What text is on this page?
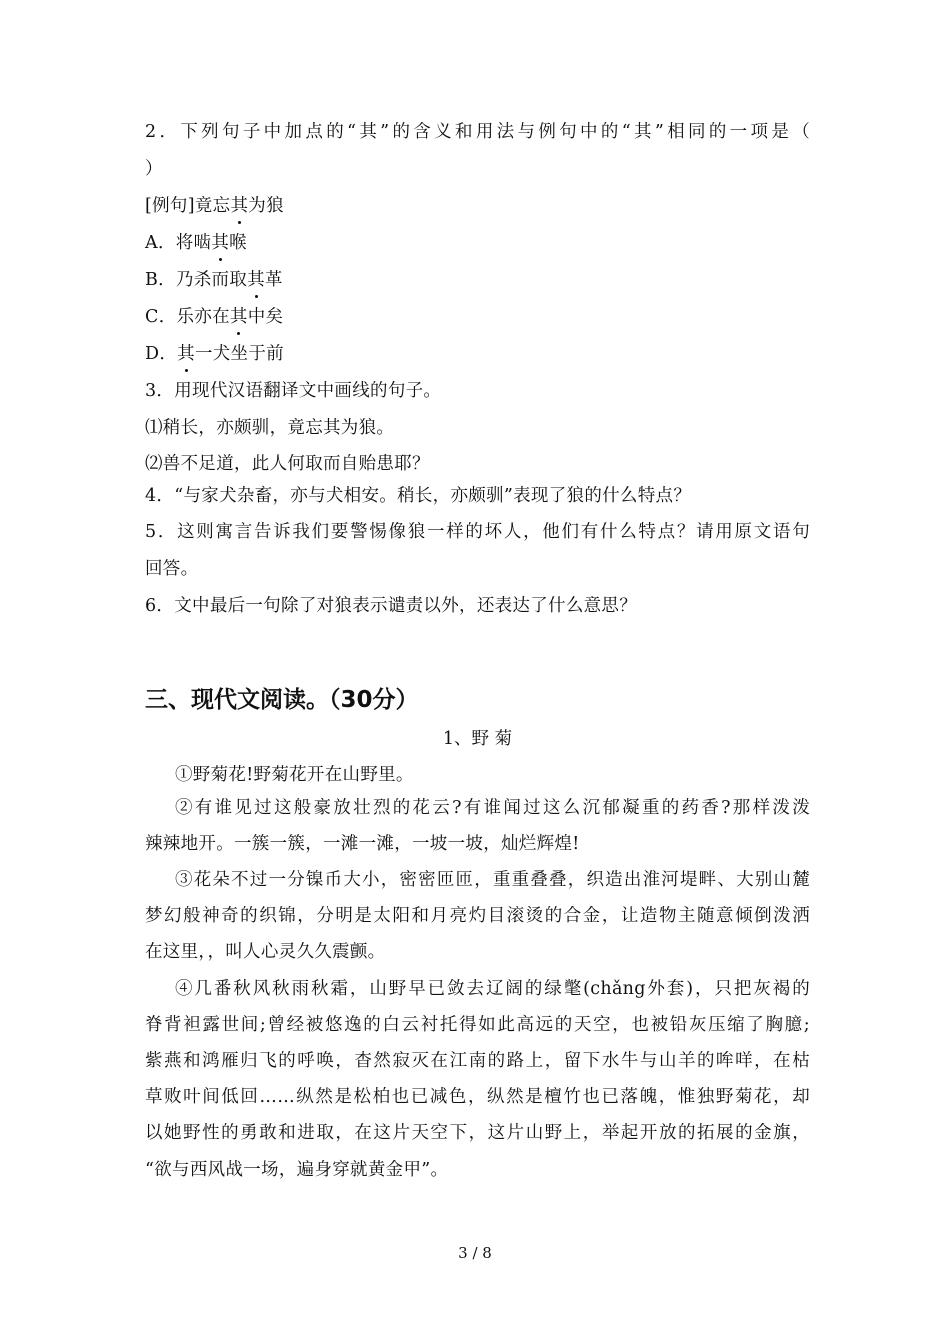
2．下列句子中加点的“其”的含义和用法与例句中的“其”相同的一项是（
）
[例句]竟忘其为狼
A．将啮其喉
B．乃杀而取其革
C．乐亦在其中矣
D．其一犬坐于前
3．用现代汉语翻译文中画线的句子。
⑴稍长，亦颇驯，竟忘其为狼。
⑵兽不足道，此人何取而自贻患耶？
4．“与家犬杂畜，亦与犬相安。稍长，亦颇驯”表现了狼的什么特点？
5．这则寓言告诉我们要警惕像狼一样的坏人，他们有什么特点？请用原文语句
回答。
6．文中最后一句除了对狼表示谴责以外，还表达了什么意思？
三、现代文阅读。（30分）
1、野 菊
①野菊花!野菊花开在山野里。
②有谁见过这般豪放壮烈的花云?有谁闻过这么沉郁凝重的药香?那样泼泼
辣辣地开。一簇一簇，一滩一滩，一坡一坡，灿烂辉煌!
③花朵不过一分镍币大小，密密匝匝，重重叠叠，织造出淮河堤畔、大别山麓
梦幻般神奇的织锦，分明是太阳和月亮灼目滚烫的合金，让造物主随意倾倒泼洒
在这里，，叫人心灵久久震颤。
④几番秋风秋雨秋霜，山野早已敛去辽阔的绿氅(chǎng外套)，只把灰褐的
脊背袒露世间;曾经被悠逸的白云衬托得如此高远的天空，也被铅灰压缩了胸臆;
紫燕和鸿雁归飞的呼唤，杳然寂灭在江南的路上，留下水牛与山羊的哞咩，在枯
草败叶间低回……纵然是松柏也已减色，纵然是檀竹也已落魄，惟独野菊花，却
以她野性的勇敢和进取，在这片天空下，这片山野上，举起开放的拓展的金旗，
“欲与西风战一场，遍身穿就黄金甲”。
3 / 8
